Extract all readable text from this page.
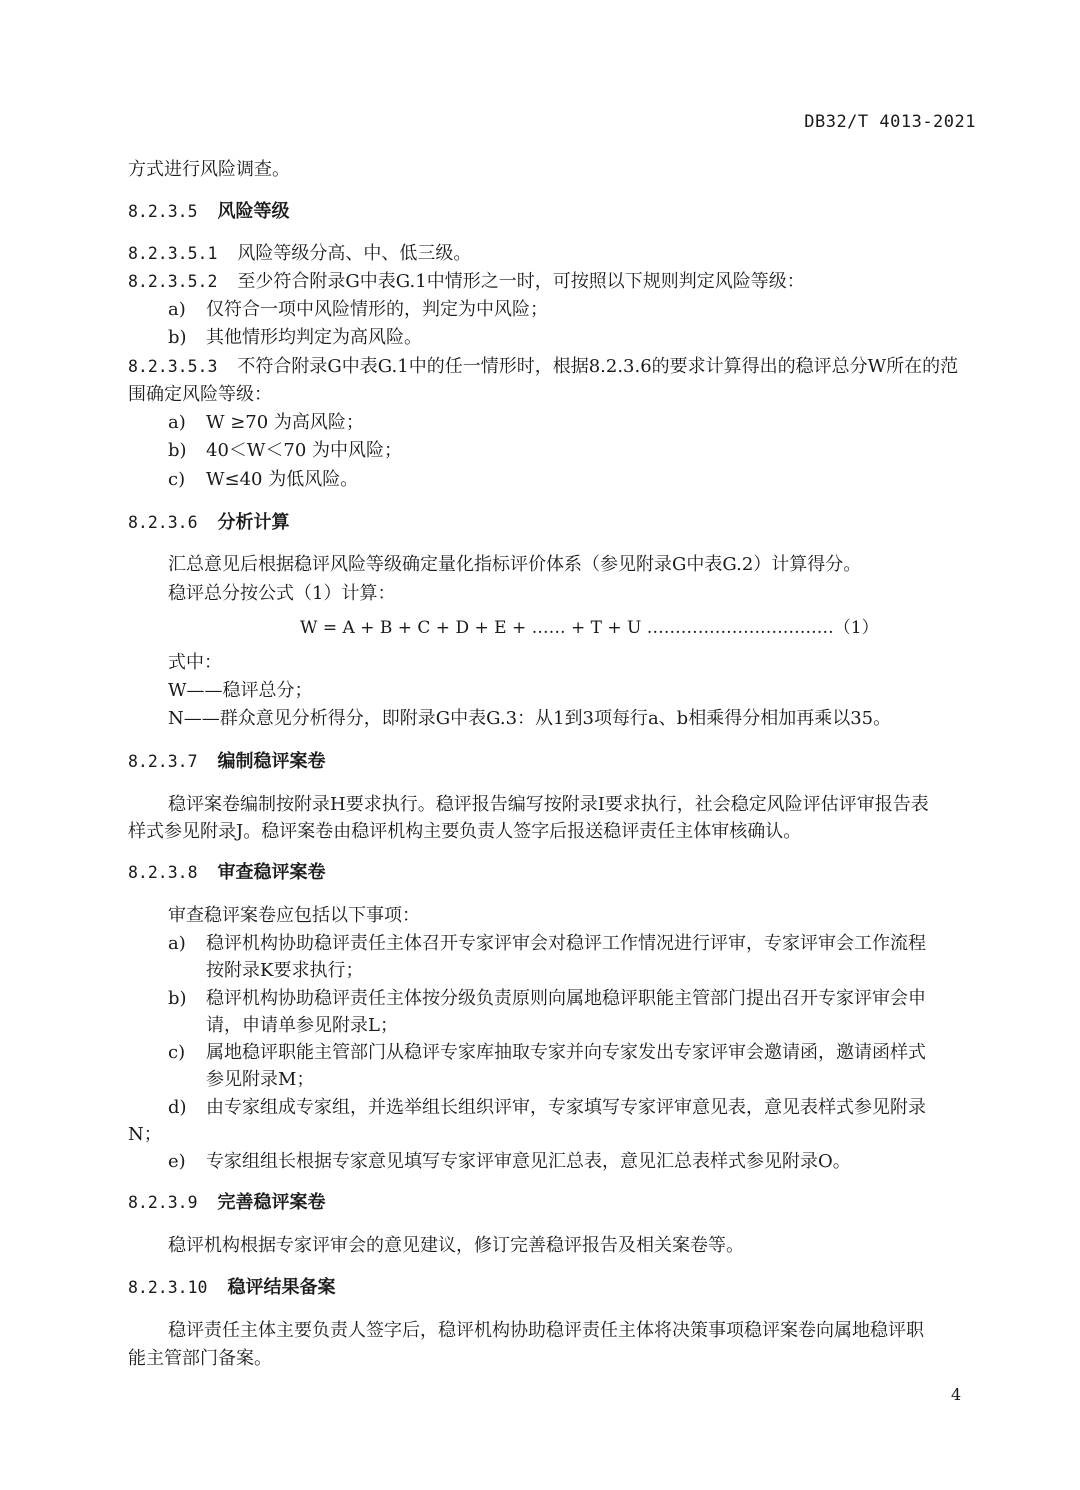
DB32/T 4013-2021
方式进行风险调查。
8.2.3.5 风险等级
8.2.3.5.1 风险等级分高、中、低三级。
8.2.3.5.2 至少符合附录G中表G.1中情形之一时，可按照以下规则判定风险等级：
a) 仅符合一项中风险情形的，判定为中风险；
b) 其他情形均判定为高风险。
8.2.3.5.3 不符合附录G中表G.1中的任一情形时，根据8.2.3.6的要求计算得出的稳评总分W所在的范
围确定风险等级：
a) W ≥70 为高风险；
b) 40＜W＜70 为中风险；
c) W≤40 为低风险。
8.2.3.6 分析计算
汇总意见后根据稳评风险等级确定量化指标评价体系（参见附录G中表G.2）计算得分。
稳评总分按公式（1）计算：
W = A + B + C + D + E + …… + T + U ……………………………（1）
式中：
W——稳评总分；
N——群众意见分析得分，即附录G中表G.3：从1到3项每行a、b相乘得分相加再乘以35。
8.2.3.7 编制稳评案卷
稳评案卷编制按附录H要求执行。稳评报告编写按附录I要求执行，社会稳定风险评估评审报告表
样式参见附录J。稳评案卷由稳评机构主要负责人签字后报送稳评责任主体审核确认。
8.2.3.8 审查稳评案卷
审查稳评案卷应包括以下事项：
a) 稳评机构协助稳评责任主体召开专家评审会对稳评工作情况进行评审，专家评审会工作流程
按附录K要求执行；
b) 稳评机构协助稳评责任主体按分级负责原则向属地稳评职能主管部门提出召开专家评审会申
请，申请单参见附录L；
c) 属地稳评职能主管部门从稳评专家库抽取专家并向专家发出专家评审会邀请函，邀请函样式
参见附录M；
d) 由专家组成专家组，并选举组长组织评审，专家填写专家评审意见表，意见表样式参见附录
N；
e) 专家组组长根据专家意见填写专家评审意见汇总表，意见汇总表样式参见附录O。
8.2.3.9 完善稳评案卷
稳评机构根据专家评审会的意见建议，修订完善稳评报告及相关案卷等。
8.2.3.10 稳评结果备案
稳评责任主体主要负责人签字后，稳评机构协助稳评责任主体将决策事项稳评案卷向属地稳评职
能主管部门备案。
4
